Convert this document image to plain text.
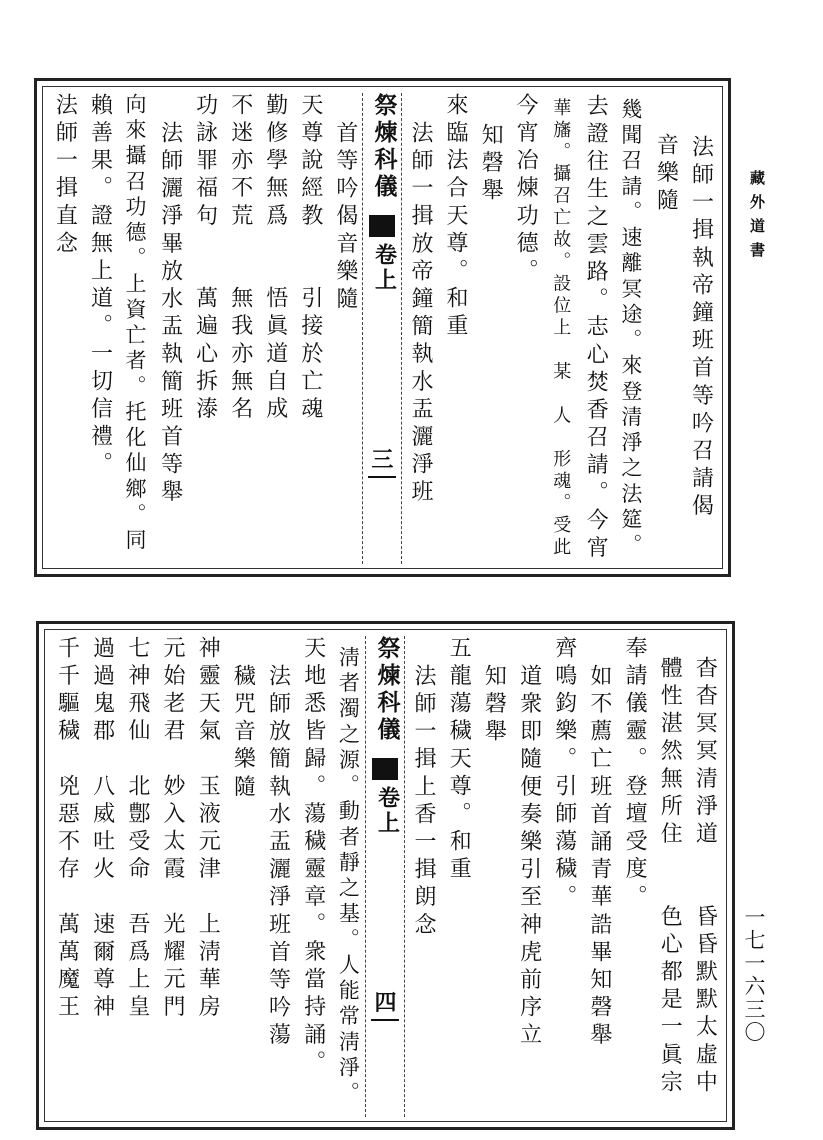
藏外道書
一七一六三〇
法師一揖執帝鐘班首等吟召請偈
音樂隨
幾聞召請。速離冥途。來登清淨之法筵。
去證往生之雲路。志心焚香召請。今宵
華旛。攝召亡故。設位上　某　人　形魂。受此
今宵冶煉功德。
知磬舉
來臨法合天尊。和重
法師一揖放帝鐘簡執水盂灑淨班
祭煉科儀
卷上
三
首等吟偈音樂隨
天尊說經教　　引接於亡魂
勤修學無爲　　悟眞道自成
不迷亦不荒　　無我亦無名
功詠罪福句　　萬遍心拆溙
法師灑淨畢放水盂執簡班首等舉
向來攝召功德。上資亡者。托化仙鄉。同
賴善果。證無上道。一切信禮。
法師一揖直念
杳杳冥冥清淨道　　昏昏默默太虛中
體性湛然無所住　　色心都是一眞宗
奉請儀靈。登壇受度。
如不薦亡班首誦青華誥畢知磬舉
齊鳴鈞樂。引師蕩穢。
道衆即隨便奏樂引至神虎前序立
知磬舉
五龍蕩穢天尊。和重
法師一揖上香一揖朗念
祭煉科儀
卷上
四
淸者濁之源。動者靜之基。人能常淸淨。
天地悉皆歸。蕩穢靈章。衆當持誦。
法師放簡執水盂灑淨班首等吟蕩
穢咒音樂隨
神靈天氣　玉液元津　上淸華房
元始老君　妙入太霞　光耀元門
七神飛仙　北鄷受命　吾爲上皇
過過鬼郡　八威吐火　速爾尊神
千千驅穢　兇惡不存　萬萬魔王
